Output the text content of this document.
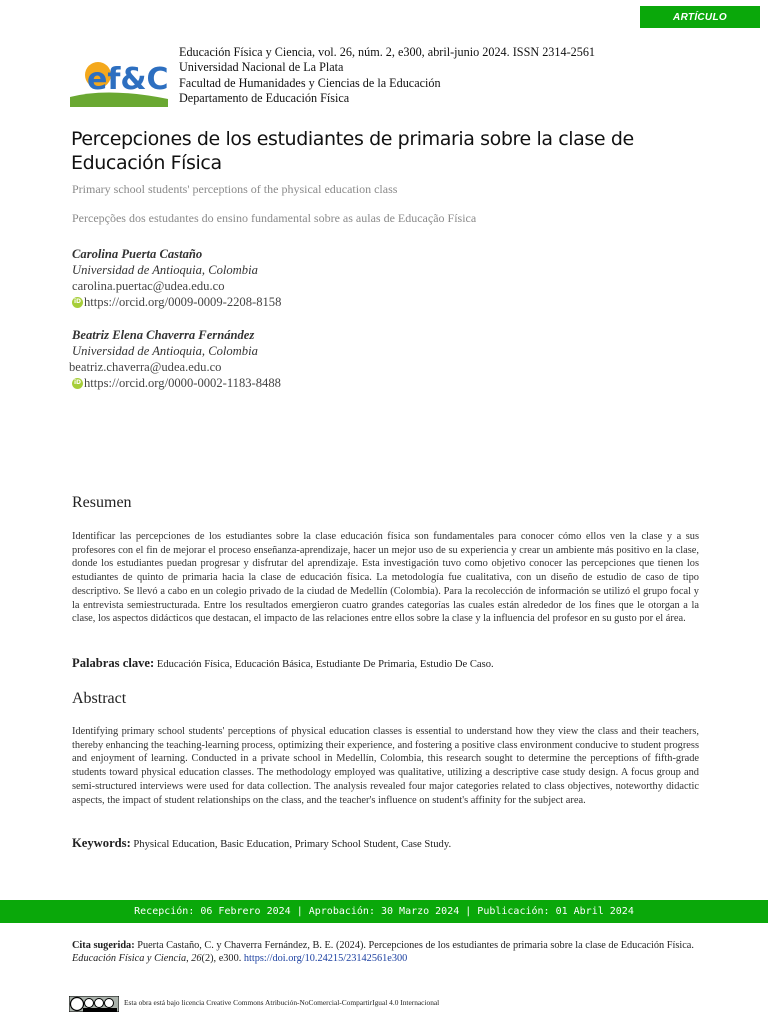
ARTÍCULO
ef&C
Educación Física y Ciencia, vol. 26, núm. 2, e300, abril-junio 2024. ISSN 2314-2561
Universidad Nacional de La Plata
Facultad de Humanidades y Ciencias de la Educación
Departamento de Educación Física
Percepciones de los estudiantes de primaria sobre la clase de Educación Física
Primary school students' perceptions of the physical education class
Percepções dos estudantes do ensino fundamental sobre as aulas de Educação Física
Carolina Puerta Castaño
Universidad de Antioquia, Colombia
carolina.puertac@udea.edu.co
iD https://orcid.org/0009-0009-2208-8158
Beatriz Elena Chaverra Fernández
Universidad de Antioquia, Colombia
beatriz.chaverra@udea.edu.co
iD https://orcid.org/0000-0002-1183-8488
Resumen
Identificar las percepciones de los estudiantes sobre la clase educación física son fundamentales para conocer cómo ellos ven la clase y a sus profesores con el fin de mejorar el proceso enseñanza-aprendizaje, hacer un mejor uso de su experiencia y crear un ambiente más positivo en la clase, donde los estudiantes puedan progresar y disfrutar del aprendizaje. Esta investigación tuvo como objetivo conocer las percepciones que tienen los estudiantes de quinto de primaria hacia la clase de educación física. La metodología fue cualitativa, con un diseño de estudio de caso de tipo descriptivo. Se llevó a cabo en un colegio privado de la ciudad de Medellín (Colombia). Para la recolección de información se utilizó el grupo focal y la entrevista semiestructurada. Entre los resultados emergieron cuatro grandes categorías las cuales están alrededor de los fines que le otorgan a la clase, los aspectos didácticos que destacan, el impacto de las relaciones entre ellos sobre la clase y la influencia del profesor en su gusto por el área.
Palabras clave: Educación Física, Educación Básica, Estudiante De Primaria, Estudio De Caso.
Abstract
Identifying primary school students' perceptions of physical education classes is essential to understand how they view the class and their teachers, thereby enhancing the teaching-learning process, optimizing their experience, and fostering a positive class environment conducive to student progress and enjoyment of learning. Conducted in a private school in Medellín, Colombia, this research sought to determine the perceptions of fifth-grade students toward physical education classes. The methodology employed was qualitative, utilizing a descriptive case study design. A focus group and semi-structured interviews were used for data collection. The analysis revealed four major categories related to class objectives, noteworthy didactic aspects, the impact of student relationships on the class, and the teacher's influence on student's affinity for the subject area.
Keywords: Physical Education, Basic Education, Primary School Student, Case Study.
Recepción: 06 Febrero 2024 | Aprobación: 30 Marzo 2024 | Publicación: 01 Abril 2024
Cita sugerida: Puerta Castaño, C. y Chaverra Fernández, B. E. (2024). Percepciones de los estudiantes de primaria sobre la clase de Educación Física. Educación Física y Ciencia, 26(2), e300. https://doi.org/10.24215/23142561e300
Esta obra está bajo licencia Creative Commons Atribución-NoComercial-CompartirIgual 4.0 Internacional
